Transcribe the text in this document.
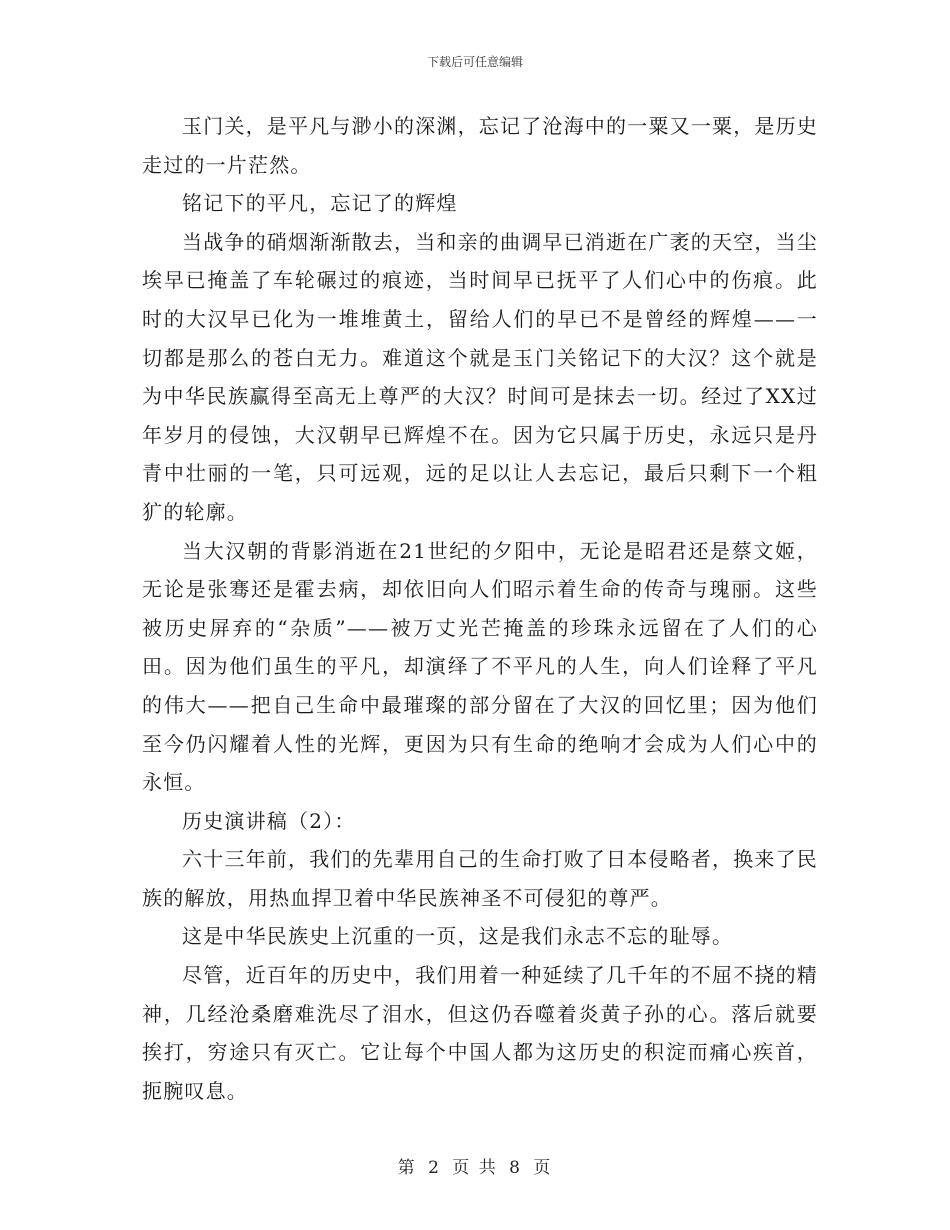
下载后可任意编辑

玉门关，是平凡与渺小的深渊，忘记了沧海中的一粟又一粟，是历史走过的一片茫然。

铭记下的平凡，忘记了的辉煌

当战争的硝烟渐渐散去，当和亲的曲调早已消逝在广袤的天空，当尘埃早已掩盖了车轮碾过的痕迹，当时间早已抚平了人们心中的伤痕。此时的大汉早已化为一堆堆黄土，留给人们的早已不是曾经的辉煌——一切都是那么的苍白无力。难道这个就是玉门关铭记下的大汉？这个就是为中华民族赢得至高无上尊严的大汉？时间可是抹去一切。经过了XX过年岁月的侵蚀，大汉朝早已辉煌不在。因为它只属于历史，永远只是丹青中壮丽的一笔，只可远观，远的足以让人去忘记，最后只剩下一个粗犷的轮廓。

当大汉朝的背影消逝在21世纪的夕阳中，无论是昭君还是蔡文姬，无论是张骞还是霍去病，却依旧向人们昭示着生命的传奇与瑰丽。这些被历史屏弃的“杂质”——被万丈光芒掩盖的珍珠永远留在了人们的心田。因为他们虽生的平凡，却演绎了不平凡的人生，向人们诠释了平凡的伟大——把自己生命中最璀璨的部分留在了大汉的回忆里；因为他们至今仍闪耀着人性的光辉，更因为只有生命的绝响才会成为人们心中的永恒。

历史演讲稿（2）：

六十三年前，我们的先辈用自己的生命打败了日本侵略者，换来了民族的解放，用热血捍卫着中华民族神圣不可侵犯的尊严。

这是中华民族史上沉重的一页，这是我们永志不忘的耻辱。

尽管，近百年的历史中，我们用着一种延续了几千年的不屈不挠的精神，几经沧桑磨难洗尽了泪水，但这仍吞噬着炎黄子孙的心。落后就要挨打，穷途只有灭亡。它让每个中国人都为这历史的积淀而痛心疾首，扼腕叹息。

第 2 页 共 8 页
